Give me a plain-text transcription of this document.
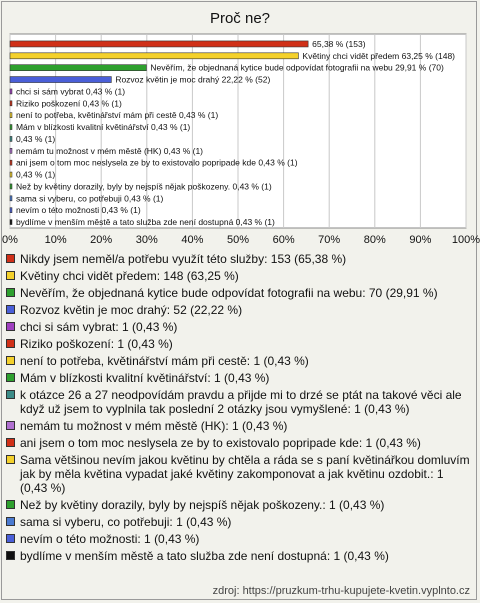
Proč ne?
0% 10% 20% 30% 40% 50% 60% 70% 80% 90% 100%
65,38 % (153)
Květiny chci vidět předem 63,25 % (148)
Nevěřím, že objednaná kytice bude odpovídat fotografii na webu 29,91 % (70)
Rozvoz květin je moc drahý 22,22 % (52)
chci si sám vybrat 0,43 % (1)
Riziko poškození 0,43 % (1)
není to potřeba, květinářství mám při cestě 0,43 % (1)
Mám v blízkosti kvalitní květinářství 0,43 % (1)
0,43 % (1)
nemám tu možnost v mém městě (HK) 0,43 % (1)
ani jsem o tom moc neslysela ze by to existovalo popripade kde 0,43 % (1)
0,43 % (1)
Než by květiny dorazily, byly by nejspíš nějak poškozeny. 0,43 % (1)
sama si vyberu, co potřebuji 0,43 % (1)
nevím o této možnosti 0,43 % (1)
bydlíme v menším městě a tato služba zde není dostupná 0,43 % (1)
Nikdy jsem neměl/a potřebu využít této služby: 153 (65,38 %)
Květiny chci vidět předem: 148 (63,25 %)
Nevěřím, že objednaná kytice bude odpovídat fotografii na webu: 70 (29,91 %)
Rozvoz květin je moc drahý: 52 (22,22 %)
chci si sám vybrat: 1 (0,43 %)
Riziko poškození: 1 (0,43 %)
není to potřeba, květinářství mám při cestě: 1 (0,43 %)
Mám v blízkosti kvalitní květinářství: 1 (0,43 %)
k otázce 26 a 27 neodpovídám pravdu a přijde mi to drzé se ptát na takové věci ale když už jsem to vyplnila tak poslední 2 otázky jsou vymyšlené: 1 (0,43 %)
nemám tu možnost v mém městě (HK): 1 (0,43 %)
ani jsem o tom moc neslysela ze by to existovalo popripade kde: 1 (0,43 %)
Sama většinou nevím jakou květinu by chtěla a ráda se s paní květinářkou domluvím jak by měla květina vypadat jaké květiny zakomponovat a jak květinu ozdobit.: 1 (0,43 %)
Než by květiny dorazily, byly by nejspíš nějak poškozeny.: 1 (0,43 %)
sama si vyberu, co potřebuji: 1 (0,43 %)
nevím o této možnosti: 1 (0,43 %)
bydlíme v menším městě a tato služba zde není dostupná: 1 (0,43 %)
zdroj: https://pruzkum-trhu-kupujete-kvetin.vyplnto.cz
